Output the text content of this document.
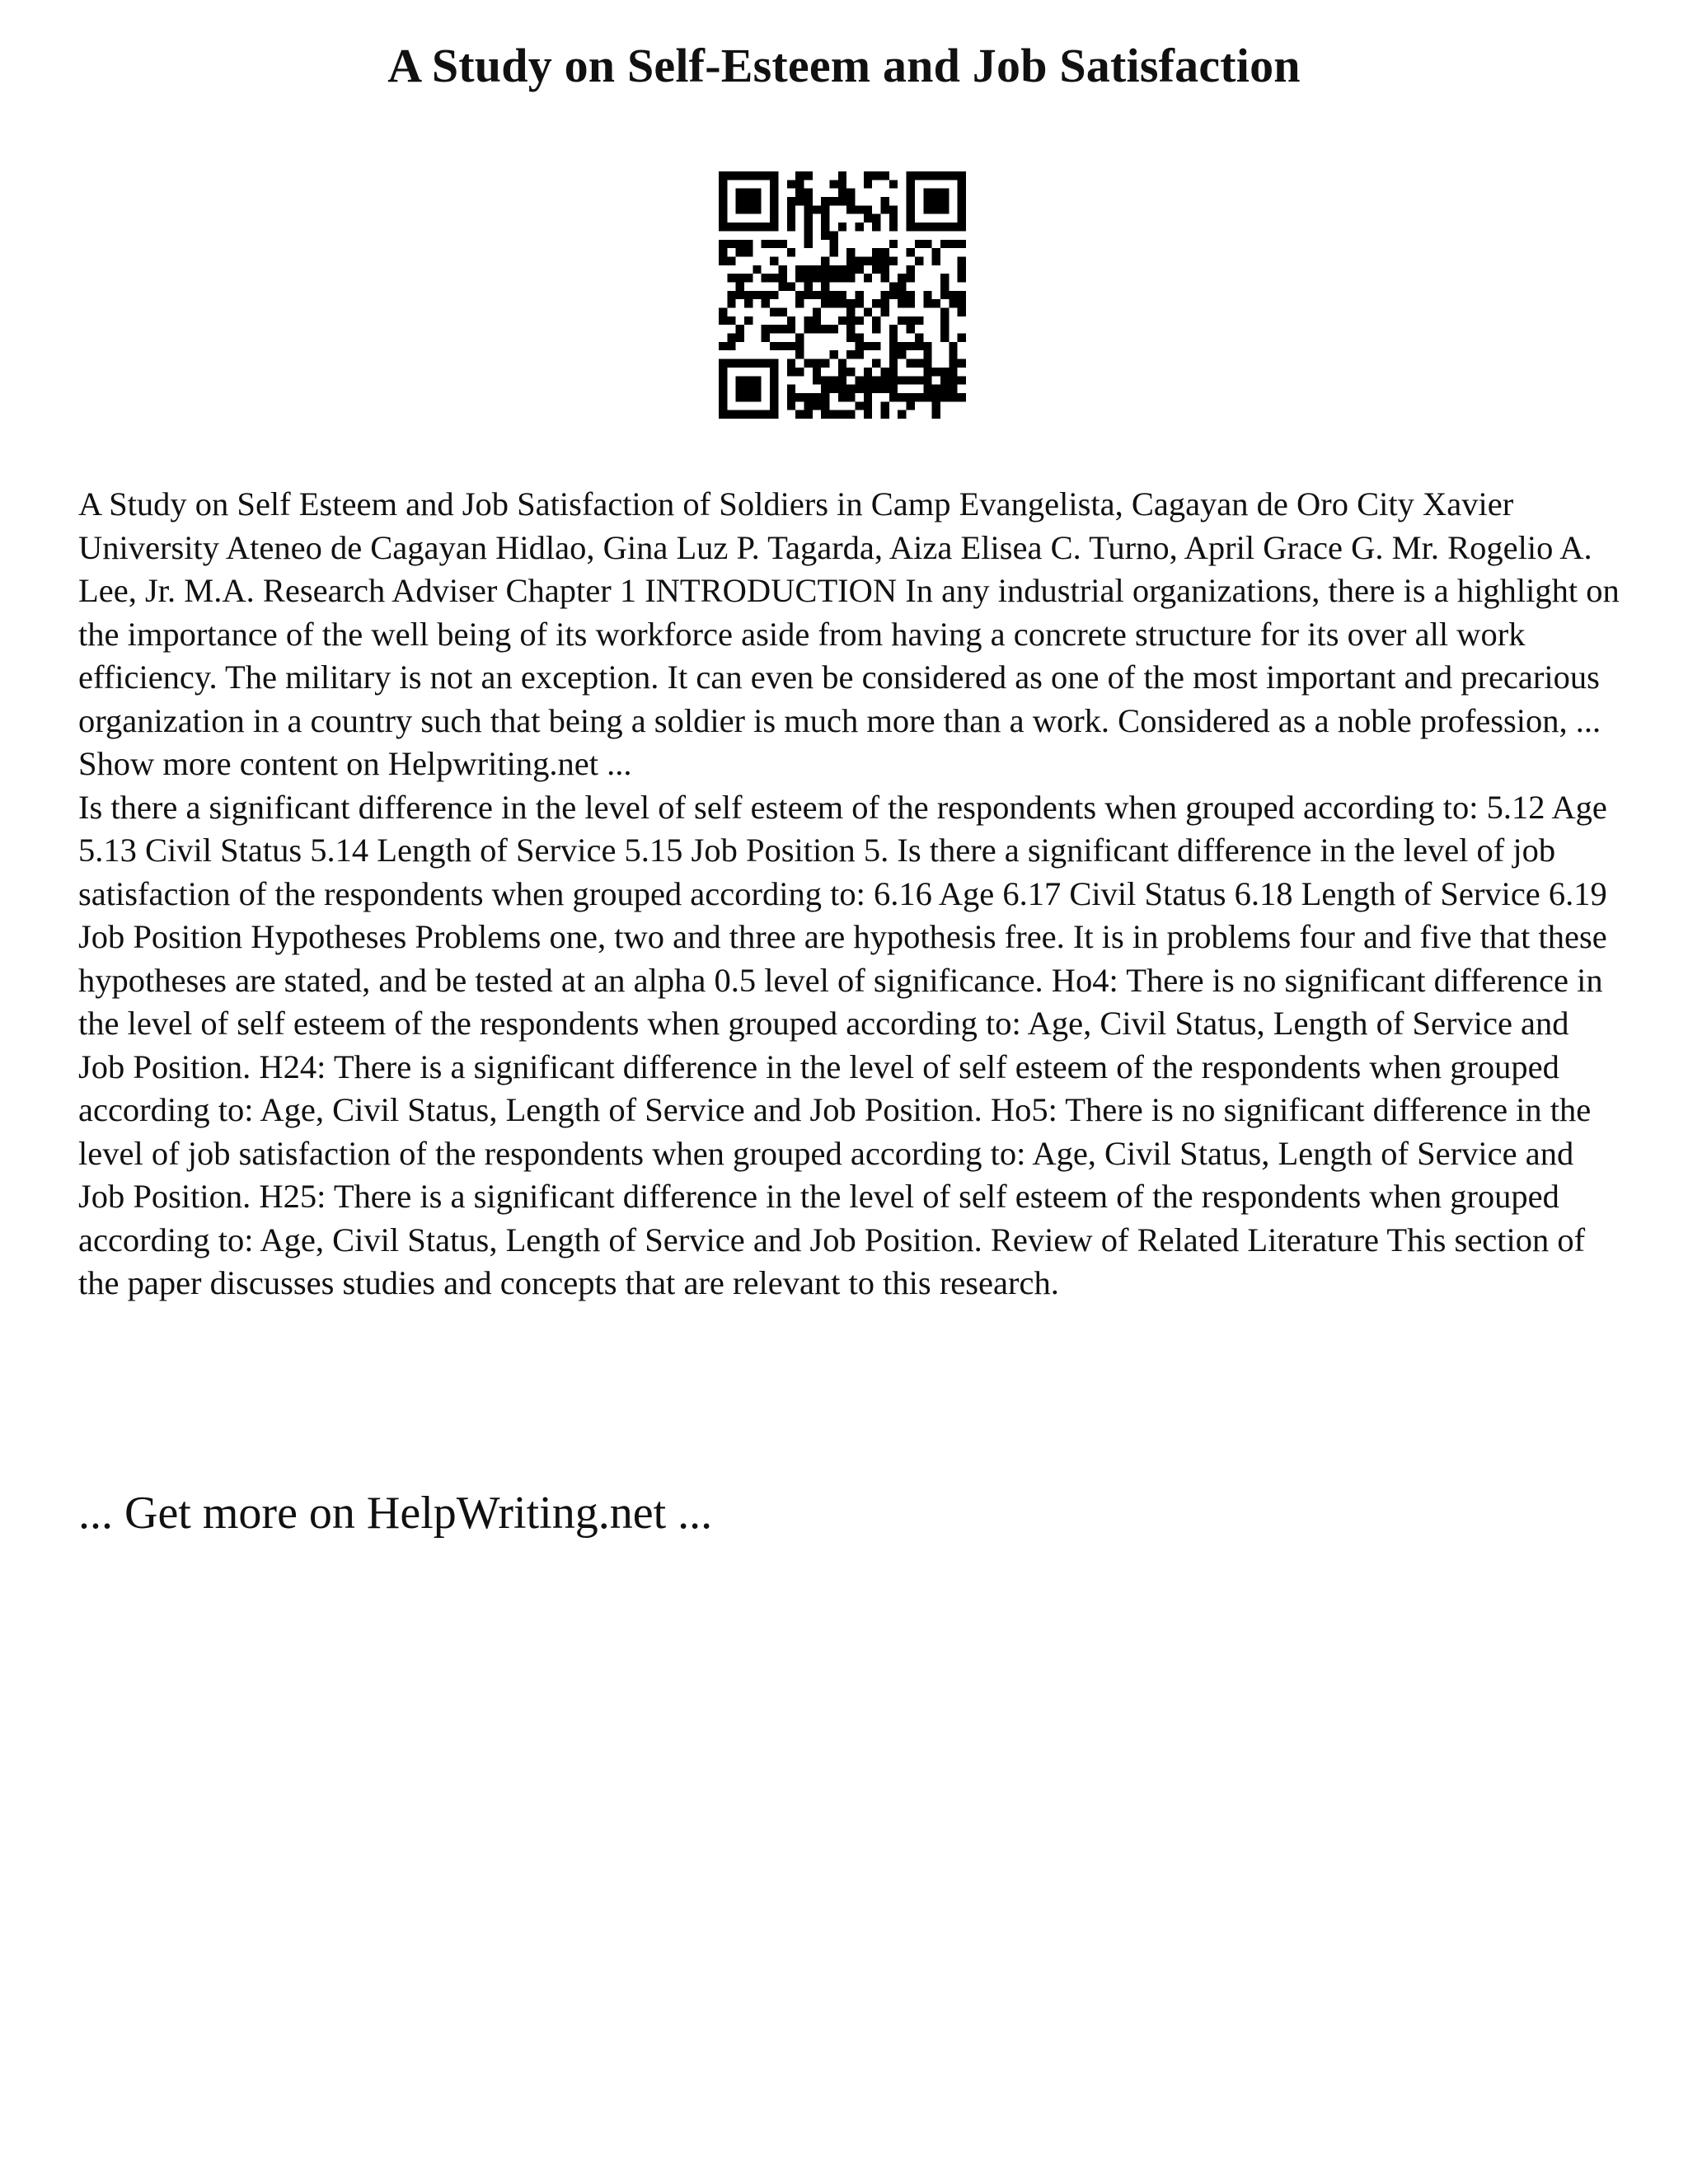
A Study on Self-Esteem and Job Satisfaction

A Study on Self Esteem and Job Satisfaction of Soldiers in Camp Evangelista, Cagayan de Oro City Xavier University Ateneo de Cagayan Hidlao, Gina Luz P. Tagarda, Aiza Elisea C. Turno, April Grace G. Mr. Rogelio A. Lee, Jr. M.A. Research Adviser Chapter 1 INTRODUCTION In any industrial organizations, there is a highlight on the importance of the well being of its workforce aside from having a concrete structure for its over all work efficiency. The military is not an exception. It can even be considered as one of the most important and precarious organization in a country such that being a soldier is much more than a work. Considered as a noble profession, ... Show more content on Helpwriting.net ...

Is there a significant difference in the level of self esteem of the respondents when grouped according to: 5.12 Age 5.13 Civil Status 5.14 Length of Service 5.15 Job Position 5. Is there a significant difference in the level of job satisfaction of the respondents when grouped according to: 6.16 Age 6.17 Civil Status 6.18 Length of Service 6.19 Job Position Hypotheses Problems one, two and three are hypothesis free. It is in problems four and five that these hypotheses are stated, and be tested at an alpha 0.5 level of significance. Ho4: There is no significant difference in the level of self esteem of the respondents when grouped according to: Age, Civil Status, Length of Service and Job Position. H24: There is a significant difference in the level of self esteem of the respondents when grouped according to: Age, Civil Status, Length of Service and Job Position. Ho5: There is no significant difference in the level of job satisfaction of the respondents when grouped according to: Age, Civil Status, Length of Service and Job Position. H25: There is a significant difference in the level of self esteem of the respondents when grouped according to: Age, Civil Status, Length of Service and Job Position. Review of Related Literature This section of the paper discusses studies and concepts that are relevant to this research.

... Get more on HelpWriting.net ...
